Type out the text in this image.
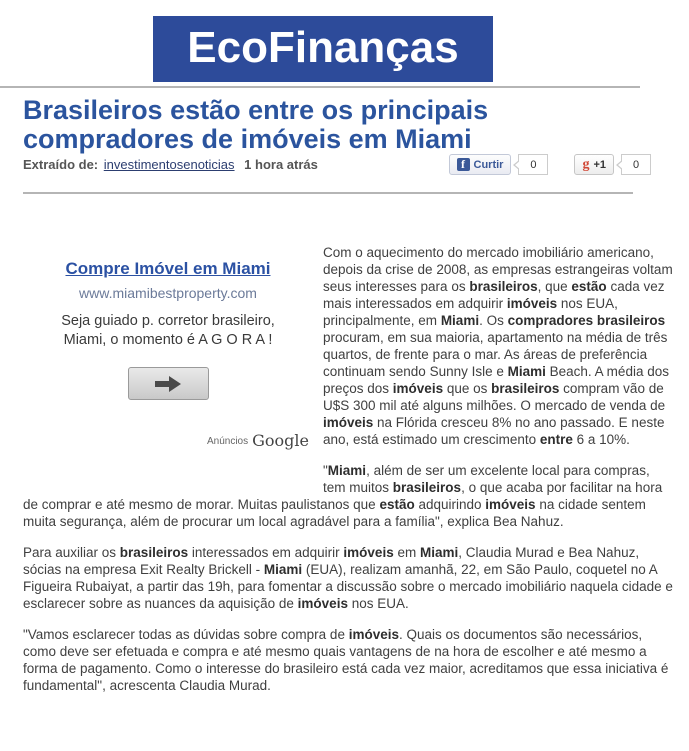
EcoFinanças
Brasileiros estão entre os principais compradores de imóveis em Miami
Extraído de: investimentosenoticias 1 hora atrás	f Curtir	0	g +1	0
Compre Imóvel em Miami
www.miamibestproperty.com
Seja guiado p. corretor brasileiro,
Miami, o momento é A G O R A !
Anúncios Google

Com o aquecimento do mercado imobiliário americano, depois da crise de 2008, as empresas estrangeiras voltam seus interesses para os brasileiros, que estão cada vez mais interessados em adquirir imóveis nos EUA, principalmente, em Miami. Os compradores brasileiros procuram, em sua maioria, apartamento na média de três quartos, de frente para o mar. As áreas de preferência continuam sendo Sunny Isle e Miami Beach. A média dos preços dos imóveis que os brasileiros compram vão de U$S 300 mil até alguns milhões. O mercado de venda de imóveis na Flórida cresceu 8% no ano passado. E neste ano, está estimado um crescimento entre 6 a 10%.

"Miami, além de ser um excelente local para compras, tem muitos brasileiros, o que acaba por facilitar na hora de comprar e até mesmo de morar. Muitas paulistanos que estão adquirindo imóveis na cidade sentem muita segurança, além de procurar um local agradável para a família", explica Bea Nahuz.

Para auxiliar os brasileiros interessados em adquirir imóveis em Miami, Claudia Murad e Bea Nahuz, sócias na empresa Exit Realty Brickell - Miami (EUA), realizam amanhã, 22, em São Paulo, coquetel no A Figueira Rubaiyat, a partir das 19h, para fomentar a discussão sobre o mercado imobiliário naquela cidade e esclarecer sobre as nuances da aquisição de imóveis nos EUA.

"Vamos esclarecer todas as dúvidas sobre compra de imóveis. Quais os documentos são necessários, como deve ser efetuada e compra e até mesmo quais vantagens de na hora de escolher e até mesmo a forma de pagamento. Como o interesse do brasileiro está cada vez maior, acreditamos que essa iniciativa é fundamental", acrescenta Claudia Murad.
